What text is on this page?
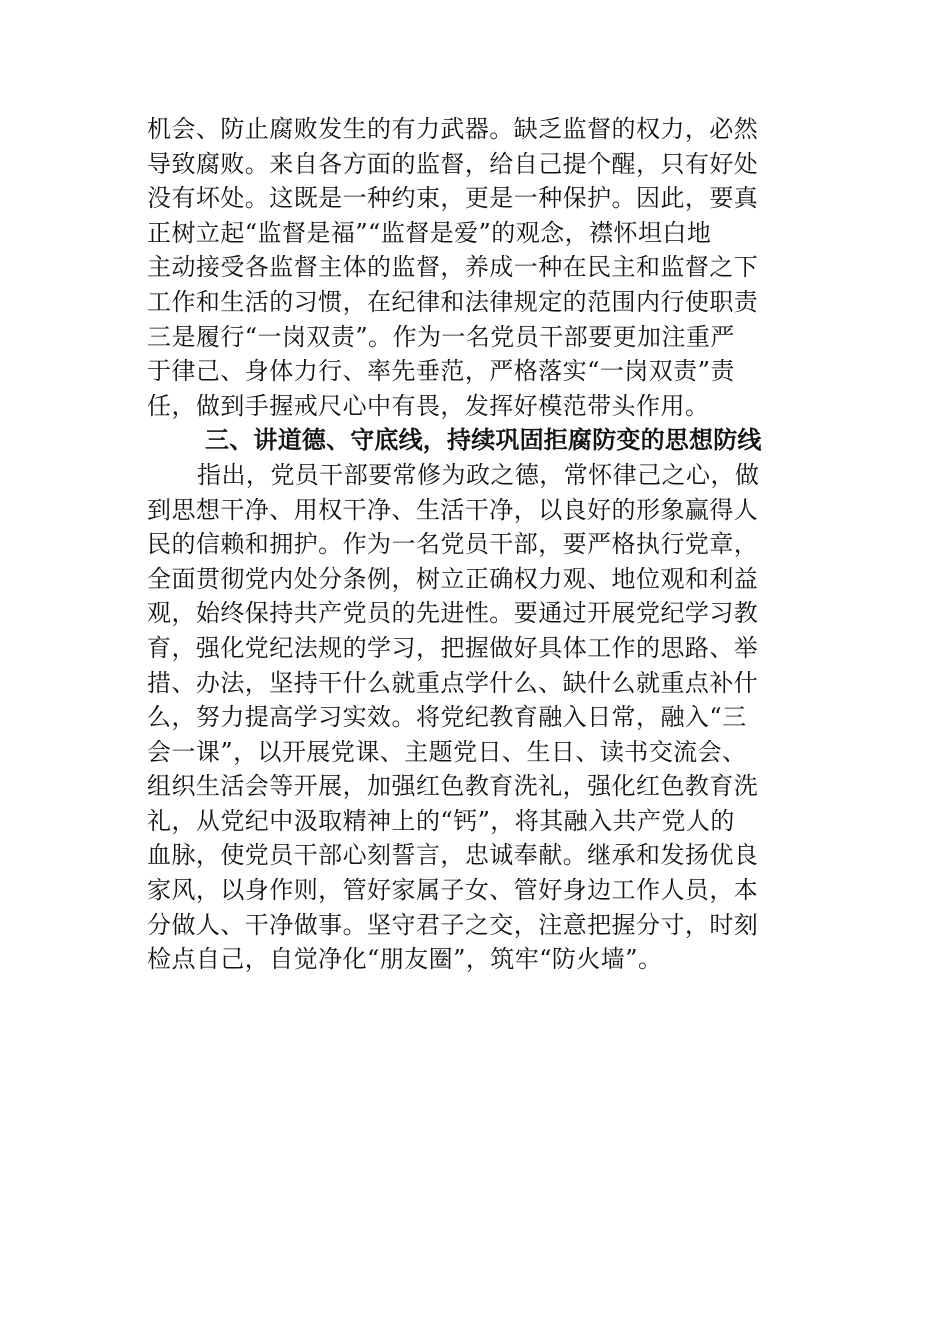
机会、防止腐败发生的有力武器。缺乏监督的权力，必然
导致腐败。来自各方面的监督，给自己提个醒，只有好处
没有坏处。这既是一种约束，更是一种保护。因此，要真
正树立起“监督是福”“监督是爱”的观念，襟怀坦白地
主动接受各监督主体的监督，养成一种在民主和监督之下
工作和生活的习惯，在纪律和法律规定的范围内行使职责
三是履行“一岗双责”。作为一名党员干部要更加注重严
于律己、身体力行、率先垂范，严格落实“一岗双责”责
任，做到手握戒尺心中有畏，发挥好模范带头作用。
三、讲道德、守底线，持续巩固拒腐防变的思想防线
指出，党员干部要常修为政之德，常怀律己之心，做
到思想干净、用权干净、生活干净，以良好的形象赢得人
民的信赖和拥护。作为一名党员干部，要严格执行党章，
全面贯彻党内处分条例，树立正确权力观、地位观和利益
观，始终保持共产党员的先进性。要通过开展党纪学习教
育，强化党纪法规的学习，把握做好具体工作的思路、举
措、办法，坚持干什么就重点学什么、缺什么就重点补什
么，努力提高学习实效。将党纪教育融入日常，融入“三
会一课”，以开展党课、主题党日、生日、读书交流会、
组织生活会等开展，加强红色教育洗礼，强化红色教育洗
礼，从党纪中汲取精神上的“钙”，将其融入共产党人的
血脉，使党员干部心刻誓言，忠诚奉献。继承和发扬优良
家风，以身作则，管好家属子女、管好身边工作人员，本
分做人、干净做事。坚守君子之交，注意把握分寸，时刻
检点自己，自觉净化“朋友圈”，筑牢“防火墙”。
